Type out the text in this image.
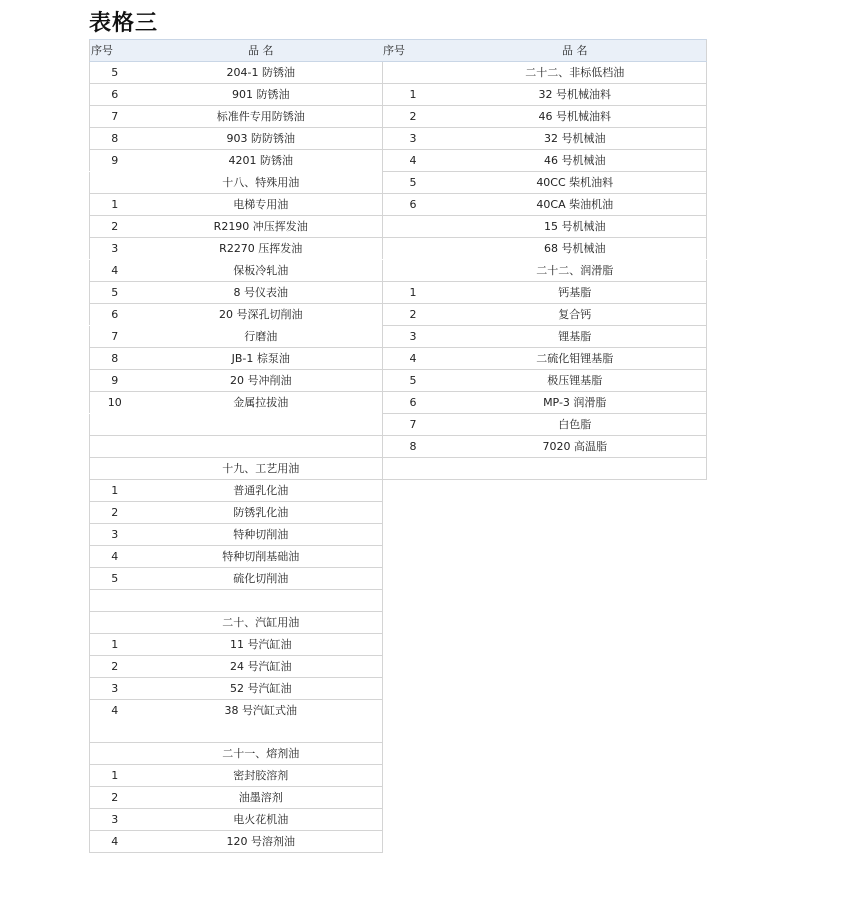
表格三
序号	品 名
5	204-1 防锈油
6	901 防锈油
7	标准件专用防锈油
8	903 防防锈油
9	4201 防锈油
	十八、特殊用油
1	电梯专用油
2	R2190 冲压挥发油
3	R2270 压挥发油
4	保板冷轧油
5	8 号仪表油
6	20 号深孔切削油
7	行磨油
8	JB-1 棕泵油
9	20 号冲削油
10	金属拉拔油

	十九、工艺用油
1	普通乳化油
2	防锈乳化油
3	特种切削油
4	特种切削基础油
5	硫化切削油

	二十、汽缸用油
1	11 号汽缸油
2	24 号汽缸油
3	52 号汽缸油
4	38 号汽缸式油
	二十一、熔剂油
1	密封胶溶剂
2	油墨溶剂
3	电火花机油
4	120 号溶剂油
序号	品 名
	二十二、非标低档油
1	32 号机械油料
2	46 号机械油料
3	32 号机械油
4	46 号机械油
5	40CC 柴机油料
6	40CA 柴油机油
	15 号机械油
	68 号机械油
	二十二、润滑脂
1	钙基脂
2	复合钙
3	锂基脂
4	二硫化钼锂基脂
5	极压锂基脂
6	MP-3 润滑脂
7	白色脂
8	7020 高温脂
